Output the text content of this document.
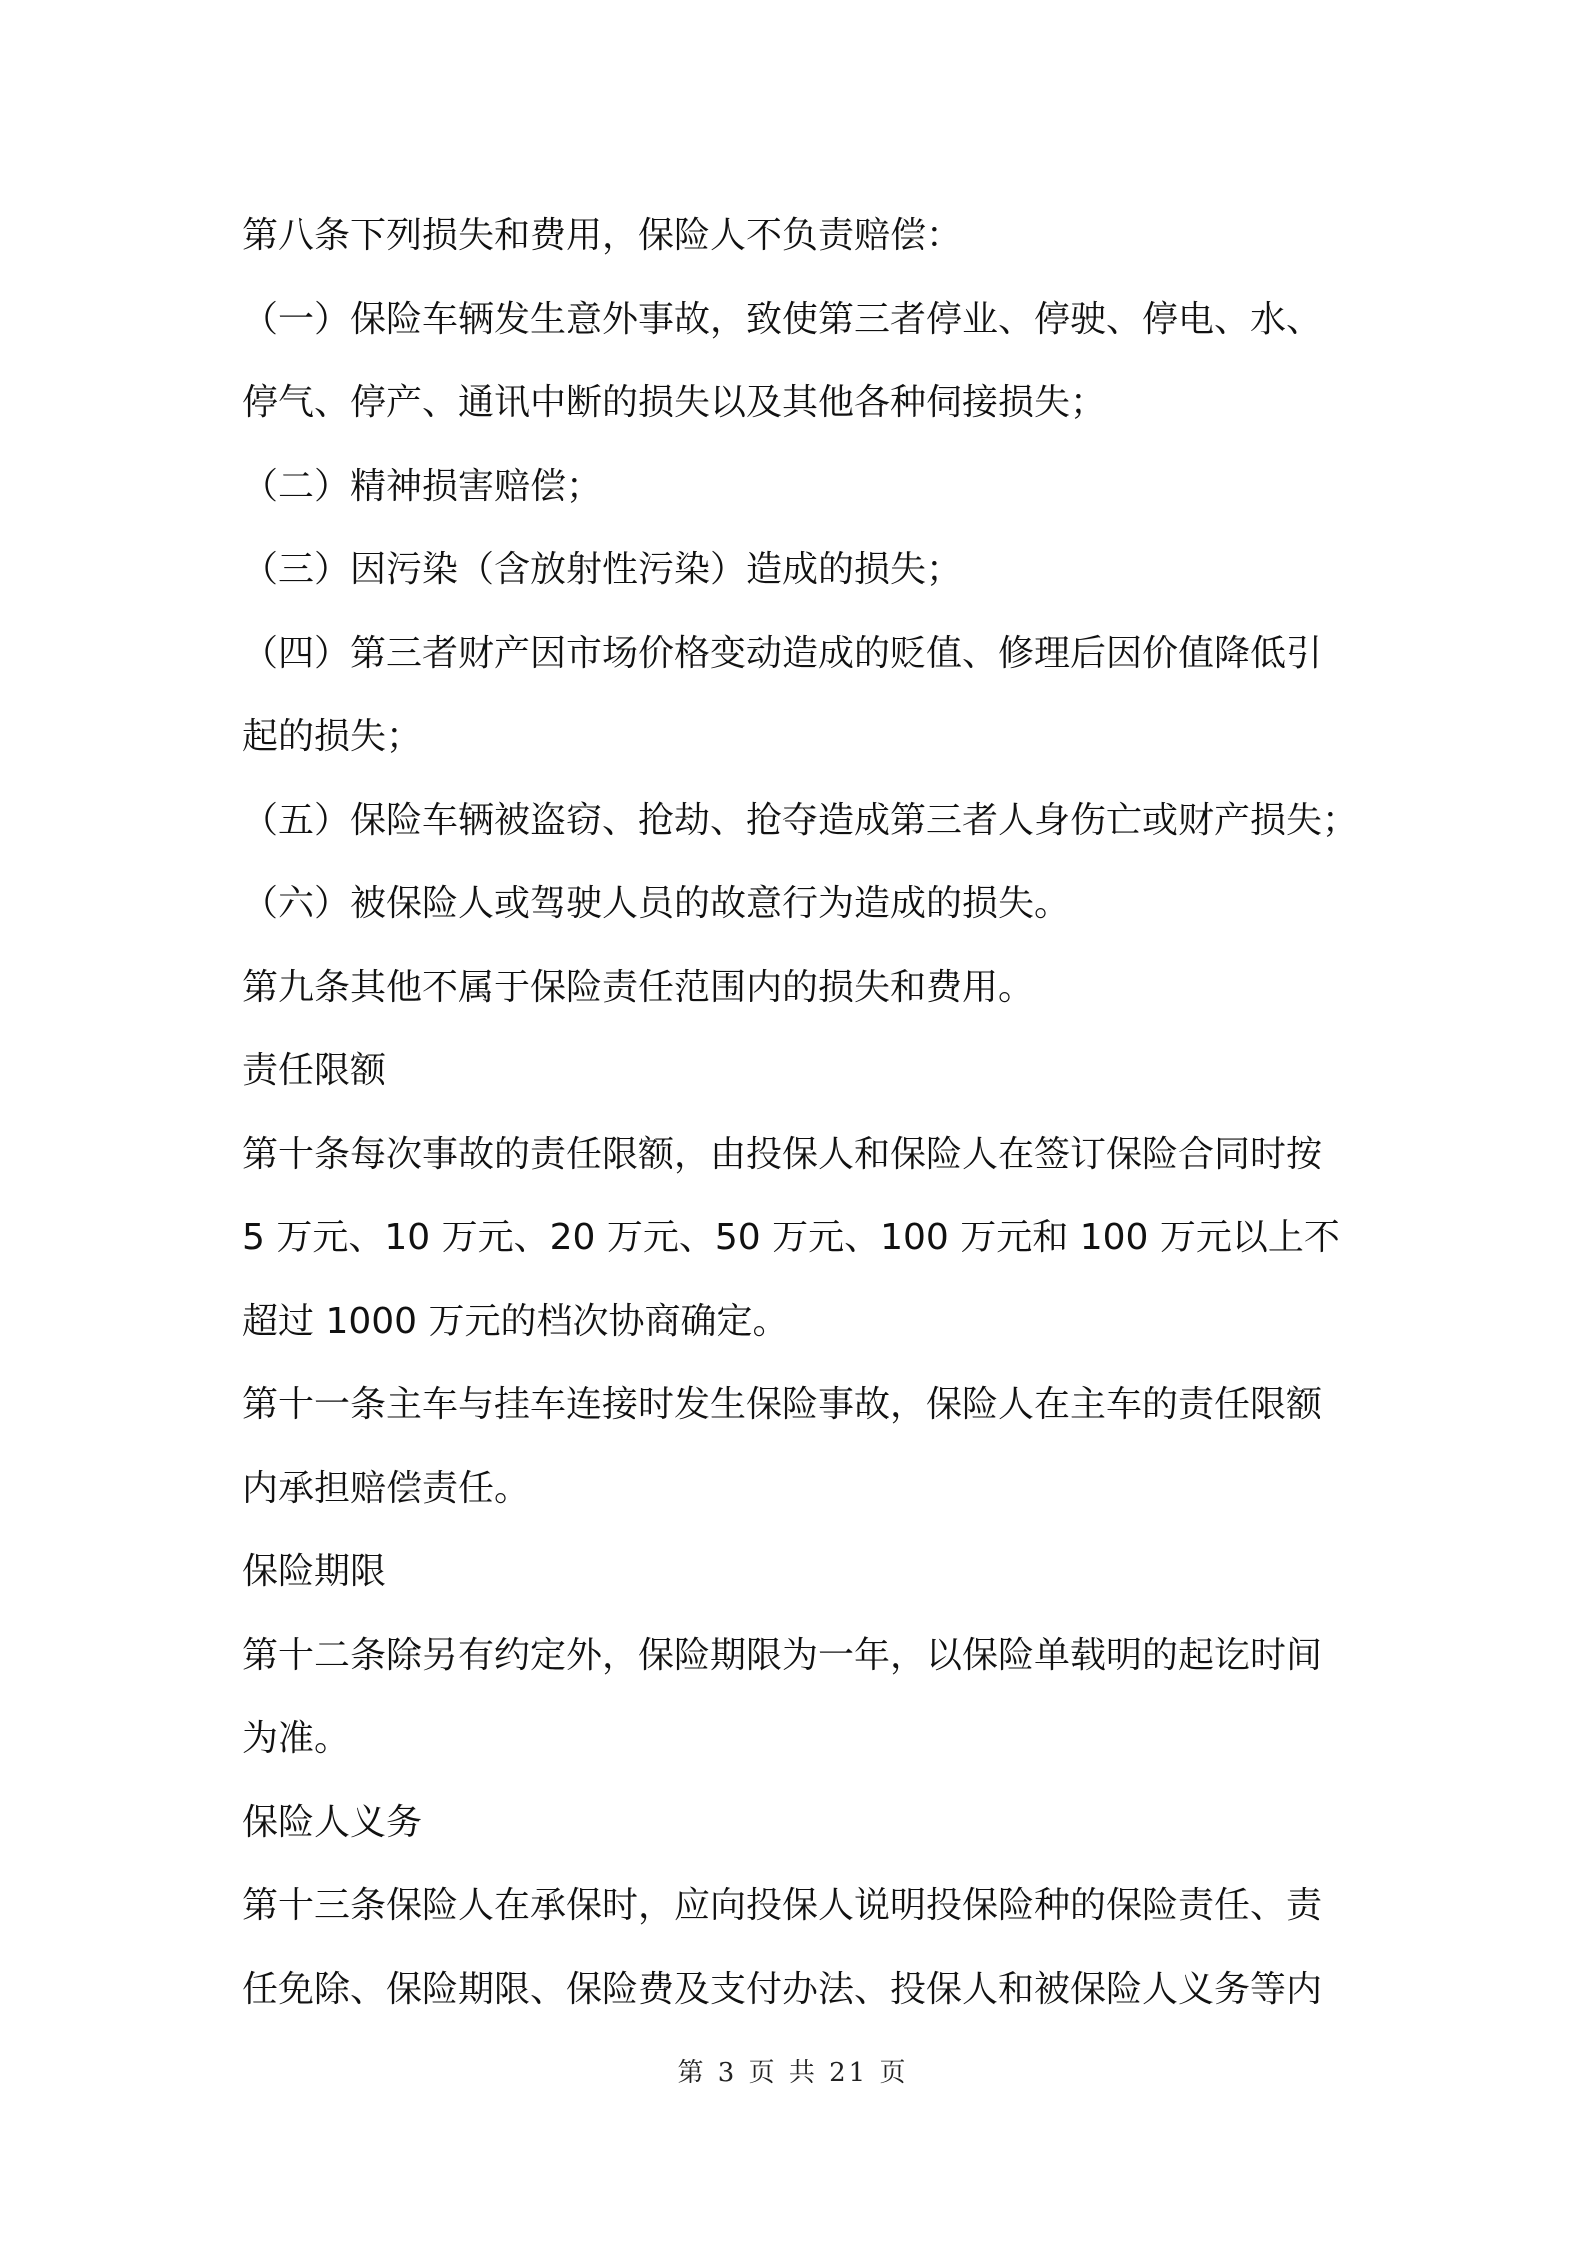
第八条下列损失和费用，保险人不负责赔偿：

（一）保险车辆发生意外事故，致使第三者停业、停驶、停电、水、

停气、停产、通讯中断的损失以及其他各种伺接损失；

（二）精神损害赔偿；

（三）因污染（含放射性污染）造成的损失；

（四）第三者财产因市场价格变动造成的贬值、修理后因价值降低引

起的损失；

（五）保险车辆被盗窃、抢劫、抢夺造成第三者人身伤亡或财产损失；

（六）被保险人或驾驶人员的故意行为造成的损失。

第九条其他不属于保险责任范围内的损失和费用。

责任限额

第十条每次事故的责任限额，由投保人和保险人在签订保险合同时按

5 万元、10 万元、20 万元、50 万元、100 万元和 100 万元以上不

超过 1000 万元的档次协商确定。

第十一条主车与挂车连接时发生保险事故，保险人在主车的责任限额

内承担赔偿责任。

保险期限

第十二条除另有约定外，保险期限为一年，以保险单载明的起讫时间

为准。

保险人义务

第十三条保险人在承保时，应向投保人说明投保险种的保险责任、责

任免除、保险期限、保险费及支付办法、投保人和被保险人义务等内

第 3 页 共 21 页
